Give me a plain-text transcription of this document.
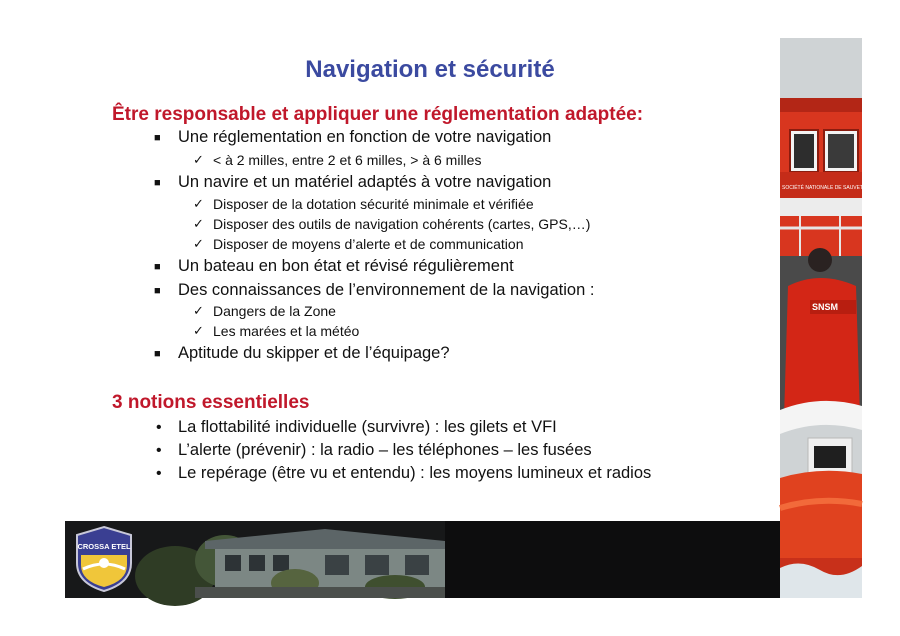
Navigation et sécurité
Être responsable et appliquer une réglementation adaptée:
■ Une réglementation en fonction de votre navigation
✓ < à 2 milles, entre 2 et 6 milles, > à 6 milles
■ Un navire et un matériel adaptés à votre navigation
✓ Disposer de la dotation sécurité minimale et vérifiée
✓ Disposer des outils de navigation cohérents (cartes, GPS,…)
✓ Disposer de moyens d’alerte et de communication
■ Un bateau en bon état et révisé régulièrement
■ Des connaissances de l’environnement de la navigation :
✓ Dangers de la Zone
✓ Les marées et la météo
■ Aptitude du skipper et de l’équipage?
3 notions essentielles
• La flottabilité individuelle (survivre) : les gilets et VFI
• L’alerte (prévenir) : la radio – les téléphones – les fusées
• Le repérage (être vu et entendu) : les moyens lumineux et radios
SOCIÉTÉ NATIONALE DE SAUVETAGE EN MER
SNSM
CROSSA ETEL
